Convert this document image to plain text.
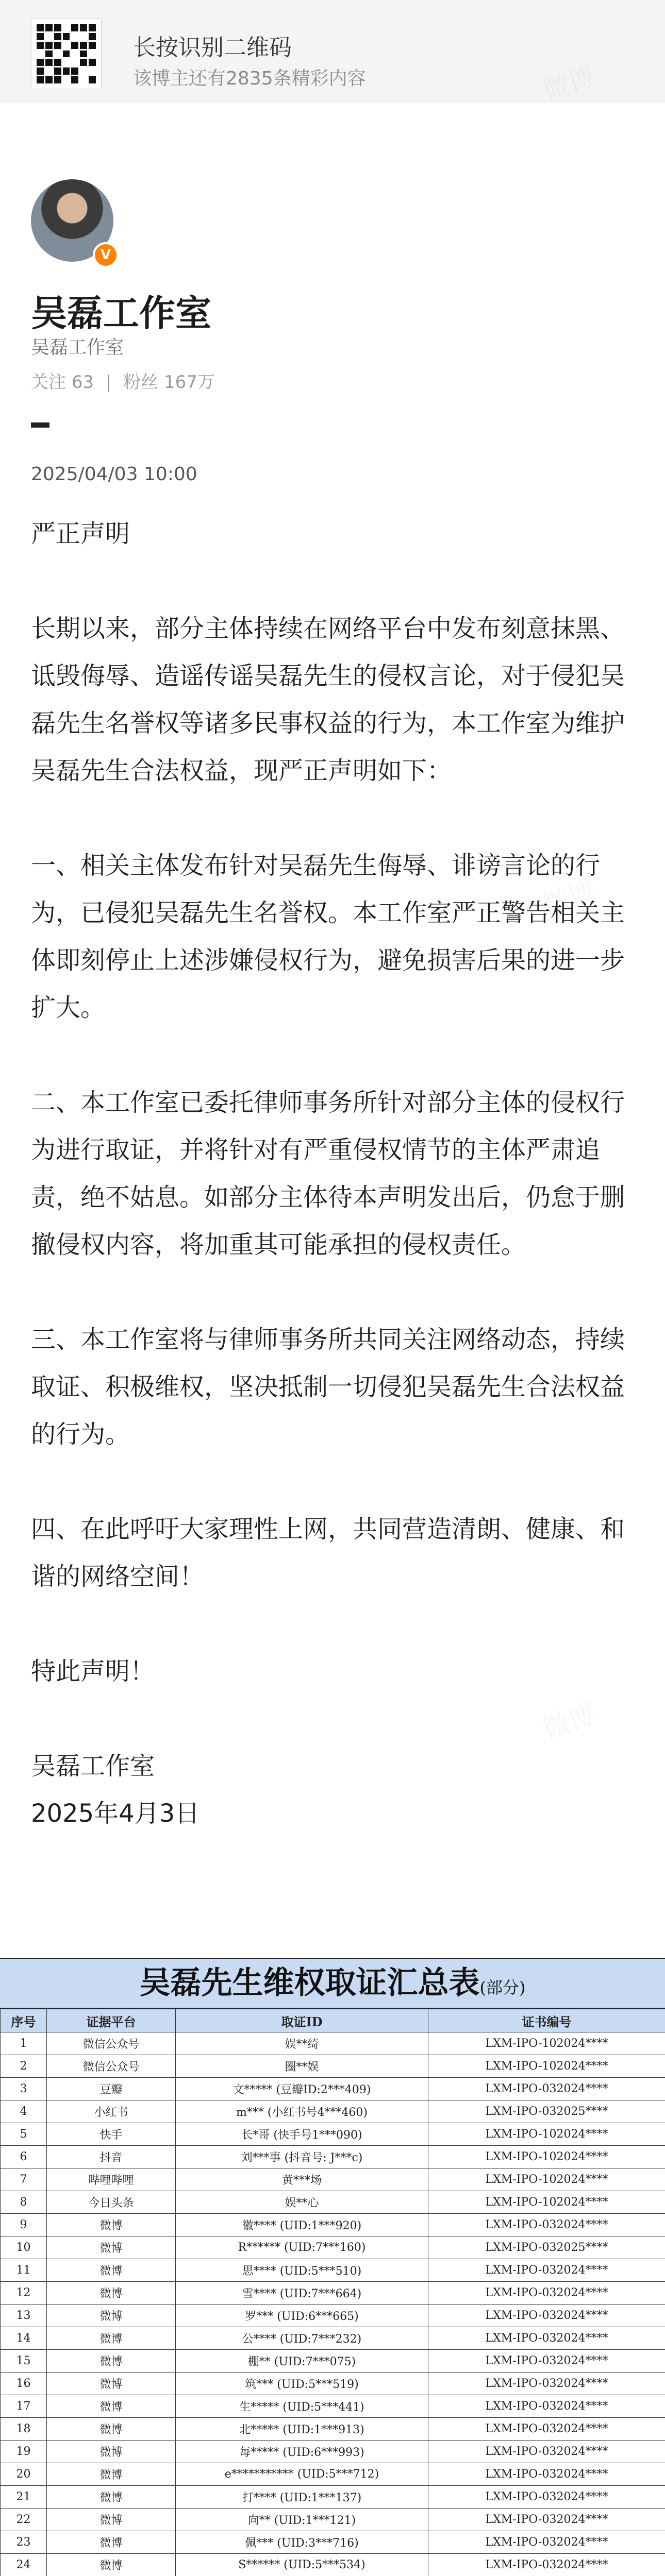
长按识别二维码
该博主还有2835条精彩内容
V
吴磊工作室
吴磊工作室
关注 63 | 粉丝 167万
2025/04/03 10:00

严正声明

长期以来，部分主体持续在网络平台中发布刻意抹黑、诋毁侮辱、造谣传谣吴磊先生的侵权言论，对于侵犯吴磊先生名誉权等诸多民事权益的行为，本工作室为维护吴磊先生合法权益，现严正声明如下：

一、相关主体发布针对吴磊先生侮辱、诽谤言论的行为，已侵犯吴磊先生名誉权。本工作室严正警告相关主体即刻停止上述涉嫌侵权行为，避免损害后果的进一步扩大。

二、本工作室已委托律师事务所针对部分主体的侵权行为进行取证，并将针对有严重侵权情节的主体严肃追责，绝不姑息。如部分主体待本声明发出后，仍怠于删撤侵权内容，将加重其可能承担的侵权责任。

三、本工作室将与律师事务所共同关注网络动态，持续取证、积极维权，坚决抵制一切侵犯吴磊先生合法权益的行为。

四、在此呼吁大家理性上网，共同营造清朗、健康、和谐的网络空间！

特此声明！

吴磊工作室

2025年4月3日

吴磊先生维权取证汇总表(部分)
序号	证据平台	取证ID	证书编号
1	微信公众号	娱**绮	LXM-IPO-102024****
2	微信公众号	圈**娱	LXM-IPO-102024****
3	豆瓣	文***** (豆瓣ID:2***409)	LXM-IPO-032024****
4	小红书	m*** (小红书号4***460)	LXM-IPO-032025****
5	快手	长*哥 (快手号1***090)	LXM-IPO-102024****
6	抖音	刘***事 (抖音号: J***c)	LXM-IPO-102024****
7	哔哩哔哩	黄***场	LXM-IPO-102024****
8	今日头条	娱**心	LXM-IPO-102024****
9	微博	徽**** (UID:1***920)	LXM-IPO-032024****
10	微博	R****** (UID:7***160)	LXM-IPO-032025****
11	微博	思**** (UID:5***510)	LXM-IPO-032024****
12	微博	雪**** (UID:7***664)	LXM-IPO-032024****
13	微博	罗*** (UID:6***665)	LXM-IPO-032024****
14	微博	公**** (UID:7***232)	LXM-IPO-032024****
15	微博	棚** (UID:7***075)	LXM-IPO-032024****
16	微博	筑*** (UID:5***519)	LXM-IPO-032024****
17	微博	生***** (UID:5***441)	LXM-IPO-032024****
18	微博	北***** (UID:1***913)	LXM-IPO-032024****
19	微博	每***** (UID:6***993)	LXM-IPO-032024****
20	微博	e*********** (UID:5***712)	LXM-IPO-032024****
21	微博	打**** (UID:1***137)	LXM-IPO-032024****
22	微博	向** (UID:1***121)	LXM-IPO-032024****
23	微博	佩*** (UID:3***716)	LXM-IPO-032024****
24	微博	S****** (UID:5***534)	LXM-IPO-032024****
